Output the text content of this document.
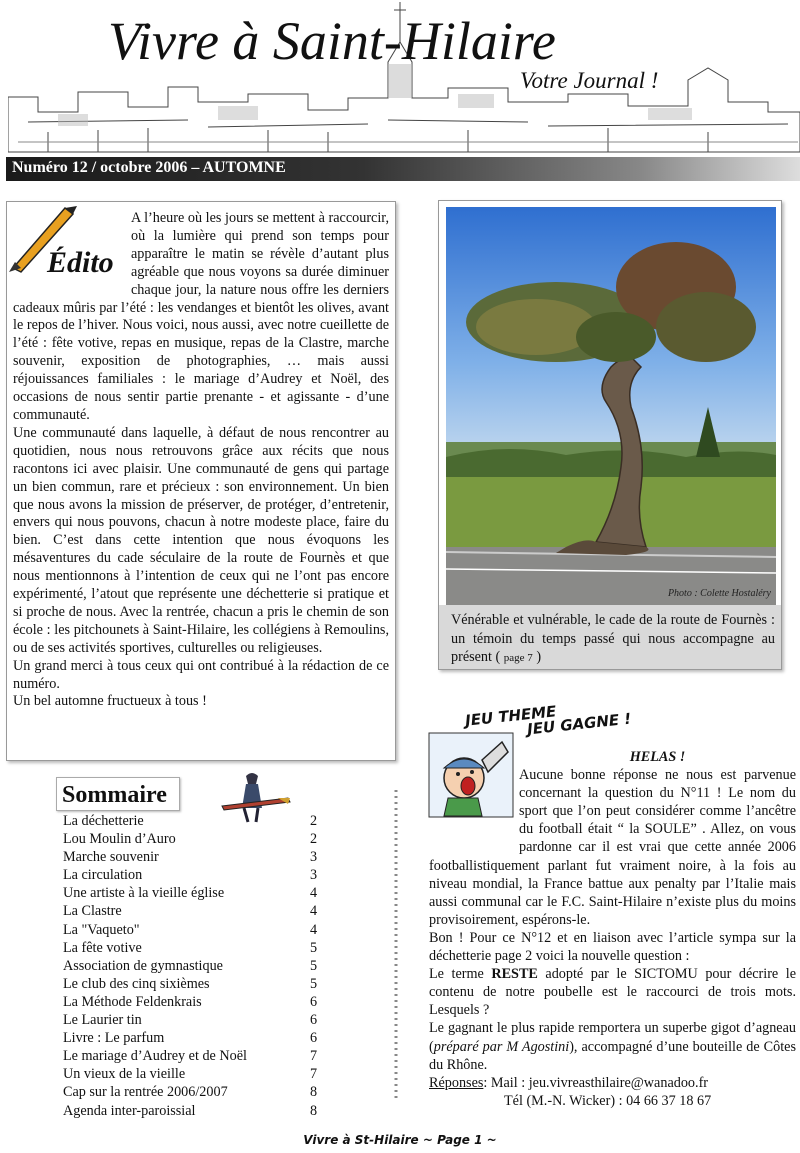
Vivre à Saint-Hilaire
Votre Journal !
Numéro 12 / octobre 2006 – AUTOMNE
Édito

A l’heure où les jours se mettent à raccourcir, où la lumière qui prend son temps pour apparaître le matin se révèle d’autant plus agréable que nous voyons sa durée diminuer chaque jour, la nature nous offre les derniers cadeaux mûris par l’été : les vendanges et bientôt les olives, avant le repos de l’hiver. Nous voici, nous aussi, avec notre cueillette de l’été : fête votive, repas en musique, repas de la Clastre, marche souvenir, exposition de photographies, … mais aussi réjouissances familiales : le mariage d’Audrey et Noël, des occasions de nous sentir partie prenante - et agissante - d’une communauté.

Une communauté dans laquelle, à défaut de nous rencontrer au quotidien, nous nous retrouvons grâce aux récits que nous racontons ici avec plaisir. Une communauté de gens qui partage un bien commun, rare et précieux : son environnement. Un bien que nous avons la mission de préserver, de protéger, d’entretenir, envers qui nous pouvons, chacun à notre modeste place, faire du bien. C’est dans cette intention que nous évoquons les mésaventures du cade séculaire de la route de Fournès et que nous mentionnons à l’intention de ceux qui ne l’ont pas encore expérimenté, l’atout que représente une déchetterie si pratique et si proche de nous. Avec la rentrée, chacun a pris le chemin de son école : les pitchounets à Saint-Hilaire, les collégiens à Remoulins, ou de ses activités sportives, culturelles ou religieuses.

Un grand merci à tous ceux qui ont contribué à la rédaction de ce numéro.

Un bel automne fructueux à tous !

Photo : Colette Hostaléry
Vénérable et vulnérable, le cade de la route de Fournès : un témoin du temps passé qui nous accompagne au présent ( page 7 )
Sommaire
La déchetterie	2
Lou Moulin d’Auro	2
Marche souvenir	3
La circulation	3
Une artiste à la vieille église	4
La Clastre	4
La "Vaqueto"	4
La fête votive	5
Association de gymnastique	5
Le club des cinq sixièmes	5
La Méthode Feldenkrais	6
Le Laurier tin	6
Livre : Le parfum	6
Le mariage d’Audrey et de Noël	7
Un vieux de la vieille	7
Cap sur la rentrée 2006/2007	8
Agenda inter-paroissial	8
JEU THEME
JEU GAGNE !

HELAS !

Aucune bonne réponse ne nous est parvenue concernant la question du N°11 ! Le nom du sport que l’on peut considérer comme l’ancêtre du football était “ la SOULE” . Allez, on vous pardonne car il est vrai que cette année 2006 footballistiquement parlant fut vraiment noire, à la fois au niveau mondial, la France battue aux penalty par l’Italie mais aussi communal car le F.C. Saint-Hilaire n’existe plus du moins provisoirement, espérons-le.

Bon ! Pour ce N°12 et en liaison avec l’article sympa sur la déchetterie page 2 voici la nouvelle question :

Le terme RESTE adopté par le SICTOMU pour décrire le contenu de notre poubelle est le raccourci de trois mots. Lesquels ?

Le gagnant le plus rapide remportera un superbe gigot d’agneau (préparé par M Agostini), accompagné d’une bouteille de Côtes du Rhône.

Réponses: Mail : jeu.vivreasthilaire@wanadoo.fr

Tél (M.-N. Wicker) : 04 66 37 18 67

Vivre à St-Hilaire ~ Page 1 ~
